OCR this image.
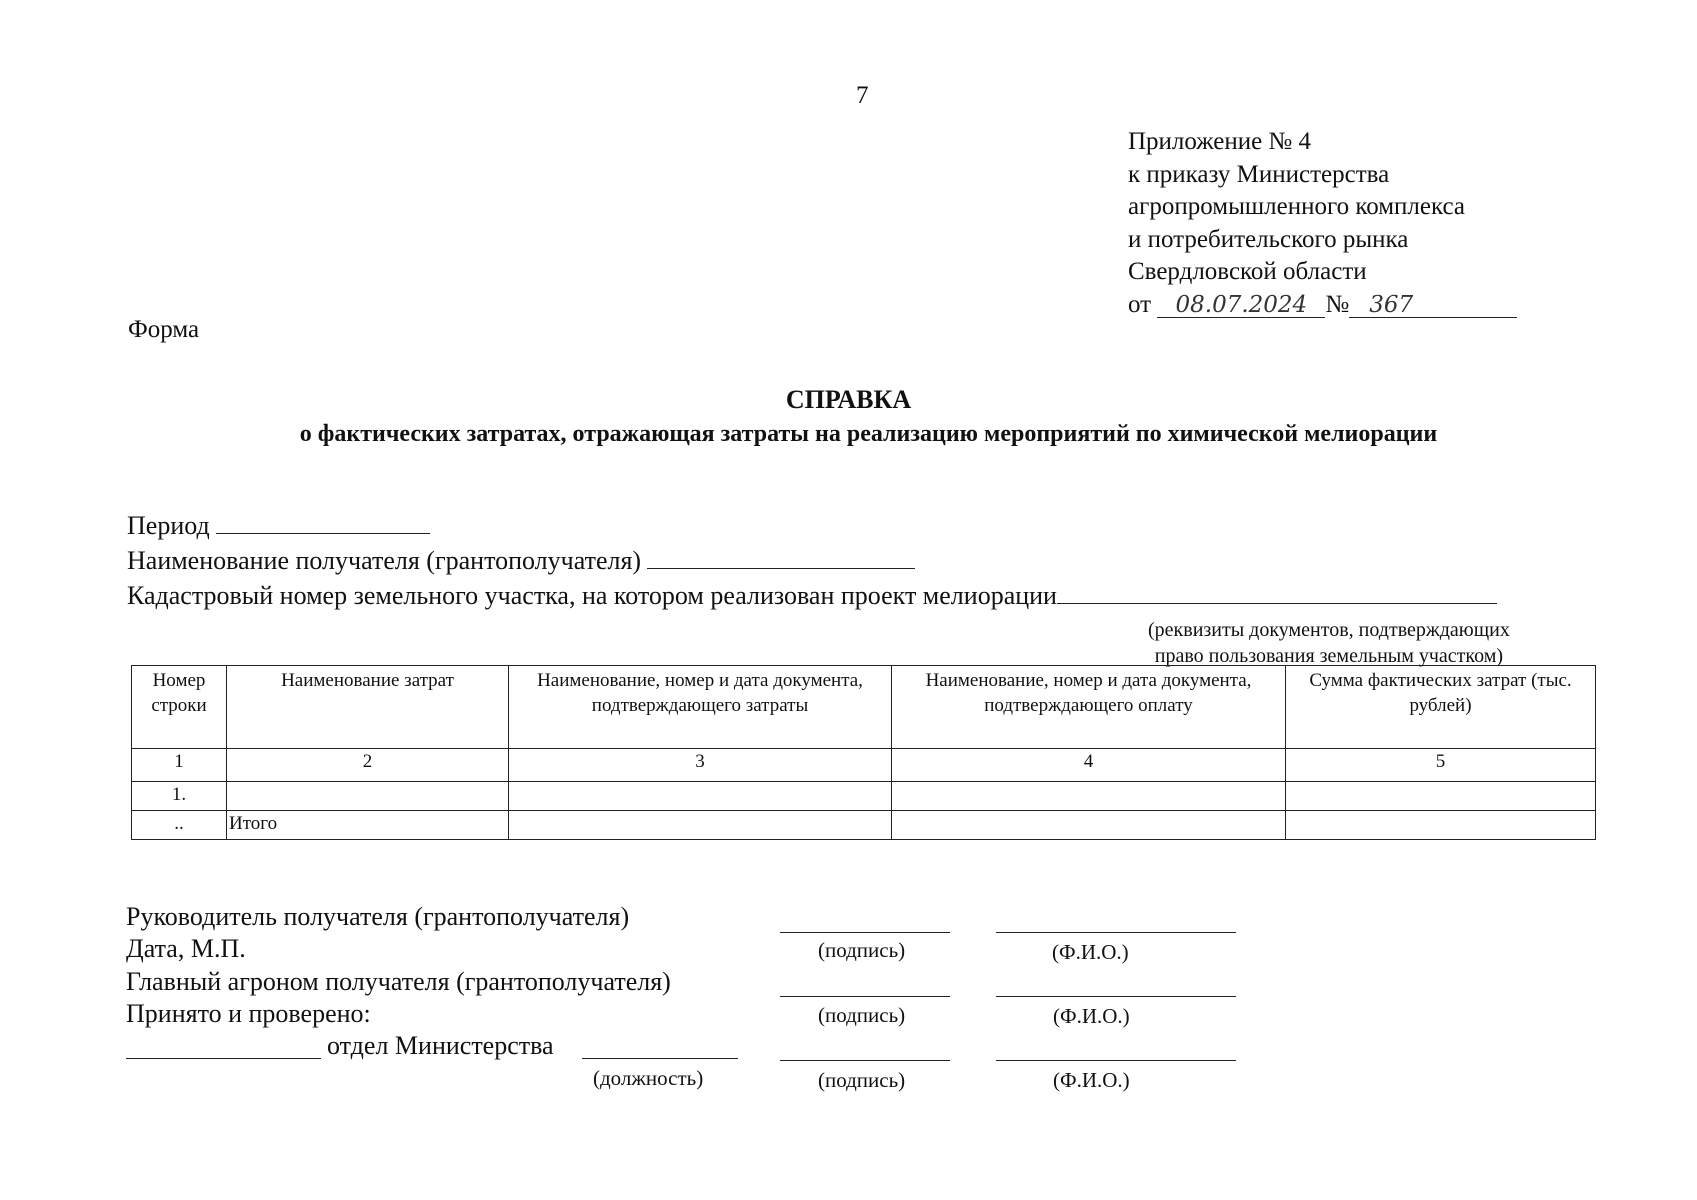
7
Приложение № 4
к приказу Министерства
агропромышленного комплекса
и потребительского рынка
Свердловской области
от 08.07.2024 № 367
Форма
СПРАВКА
о фактических затратах, отражающая затраты на реализацию мероприятий по химической мелиорации
Период
Наименование получателя (грантополучателя)
Кадастровый номер земельного участка, на котором реализован проект мелиорации
(реквизиты документов, подтверждающих
право пользования земельным участком)
Номер строки	Наименование затрат	Наименование, номер и дата документа, подтверждающего затраты	Наименование, номер и дата документа, подтверждающего оплату	Сумма фактических затрат (тыс. рублей)
1	2	3	4	5
1.				
..	Итого			
Руководитель получателя (грантополучателя)
Дата, М.П.	(подпись)	(Ф.И.О.)
Главный агроном получателя (грантополучателя)
Принято и проверено:	(подпись)	(Ф.И.О.)
отдел Министерства
(должность)	(подпись)	(Ф.И.О.)
